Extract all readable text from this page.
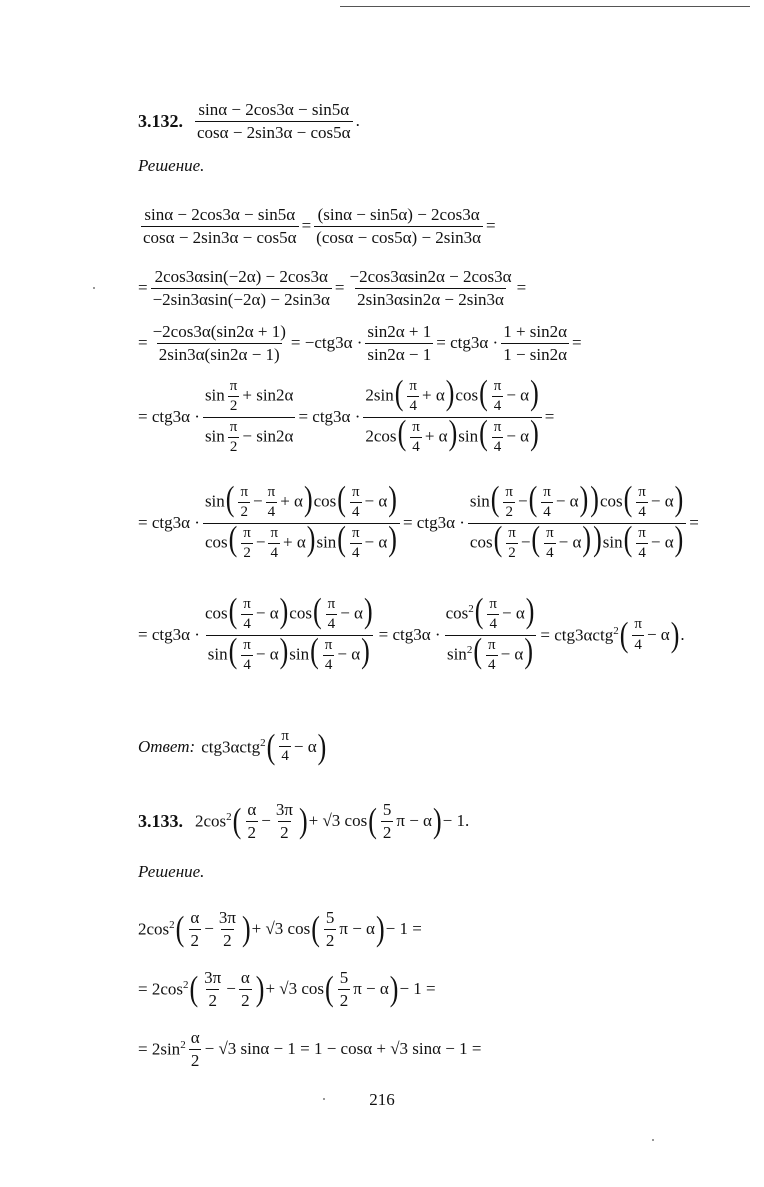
3.132.
sinα − 2cos3α − sin5α
cosα − 2sin3α − cos5α
.
Решение.
$\frac{\sin\alpha - 2\cos 3\alpha - \sin 5\alpha}{\cos\alpha - 2\sin 3\alpha - \cos 5\alpha} = \frac{(\sin\alpha - \sin 5\alpha) - 2\cos 3\alpha}{(\cos\alpha - \cos 5\alpha) - 2\sin 3\alpha}$ =
= $\frac{2\cos 3\alpha\sin(-2\alpha) - 2\cos 3\alpha}{-2\sin 3\alpha\sin(-2\alpha) - 2\sin 3\alpha} = \frac{-2\cos 3\alpha\sin 2\alpha - 2\cos 3\alpha}{2\sin 3\alpha\sin 2\alpha - 2\sin 3\alpha}$ =
= $\frac{-2\cos 3\alpha(\sin 2\alpha + 1)}{2\sin 3\alpha(\sin 2\alpha - 1)} = -ctg3\alpha \cdot \frac{\sin 2\alpha + 1}{\sin 2\alpha - 1} = ctg3\alpha \cdot \frac{1 + \sin 2\alpha}{1 - \sin 2\alpha}$ =
= $ctg3\alpha \cdot \frac{\sin \frac{\pi}{2} + \sin 2\alpha}{\sin \frac{\pi}{2} - \sin 2\alpha} = ctg3\alpha \cdot \frac{2\sin( \frac{\pi}{4} + \alpha)\cos( \frac{\pi}{4} - \alpha)}{2\cos( \frac{\pi}{4} + \alpha)\sin( \frac{\pi}{4} - \alpha)}$ =
= $ctg3\alpha \cdot \frac{\sin( \frac{\pi}{2} - \frac{\pi}{4} + \alpha)\cos( \frac{\pi}{4} - \alpha)}{\cos( \frac{\pi}{2} - \frac{\pi}{4} + \alpha)\sin( \frac{\pi}{4} - \alpha)} = ctg3\alpha \cdot \frac{\sin( \frac{\pi}{2} -( \frac{\pi}{4} - \alpha))\cos( \frac{\pi}{4} - \alpha)}{\cos( \frac{\pi}{2} -( \frac{\pi}{4} - \alpha))\sin( \frac{\pi}{4} - \alpha)}$ =
= $ctg3\alpha \cdot \frac{\cos( \frac{\pi}{4} - \alpha)\cos( \frac{\pi}{4} - \alpha)}{\sin( \frac{\pi}{4} - \alpha)\sin( \frac{\pi}{4} - \alpha)} = ctg3\alpha \cdot \frac{\cos^2( \frac{\pi}{4} - \alpha)}{\sin^2( \frac{\pi}{4} - \alpha)} = ctg3\alpha ctg^2$ ( π
4
− α ) .
Ответ: ctg3αctg$^2$ ( π
4
− α )
3.133. $2\cos^2$ ( α
2
− $\frac{3\pi}{2}$ ) + √3 cos ( 5
2
π − α ) − 1.
Решение.
$2\cos^2$ ( α
2
− $\frac{3\pi}{2}$ ) + √3 cos ( 5
2
π − α ) − 1 =
= $2\cos^2$ ( 3π
2
− $\frac{\alpha}{2}$ ) + √3 cos ( 5
2
π − α ) − 1 =
= $2\sin^2$ α
2
− √3 sinα − 1 = 1 − cosα + √3 sinα − 1 =
216
